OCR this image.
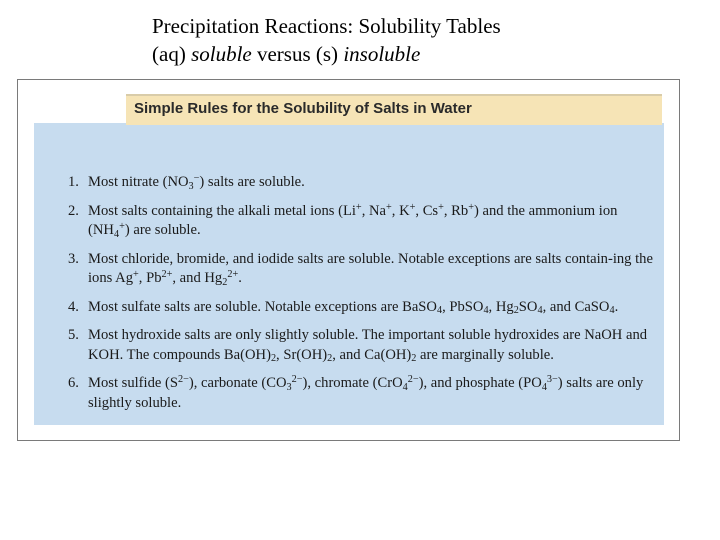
Precipitation Reactions: Solubility Tables
(aq) soluble versus (s) insoluble
1. Most nitrate $(NO_3^-)$ salts are soluble.
2. Most salts containing the alkali metal ions (Li+, Na+, K+, Cs+, Rb+) and the ammonium ion $(NH_4^+)$ are soluble.
3. Most chloride, bromide, and iodide salts are soluble. Notable exceptions are salts contain-ing the ions Ag+, $Pb^{2+}$, and $Hg_2^{2+}$.
4. Most sulfate salts are soluble. Notable exceptions are BaSO$_4$, PbSO$_4$, $Hg_2SO_4$, and CaSO$_4$.
5. Most hydroxide salts are only slightly soluble. The important soluble hydroxides are NaOH and KOH. The compounds $Ba(OH)_2$, $Sr(OH)_2$, and $Ca(OH)_2$ are marginally soluble.
6. Most sulfide $(S^{2-})$, carbonate $(CO_3^{2-})$, chromate (CrO$_4^{2-}$), and phosphate $(PO_4^{3-})$ salts are only slightly soluble.
Simple Rules for the Solubility of Salts in Water
